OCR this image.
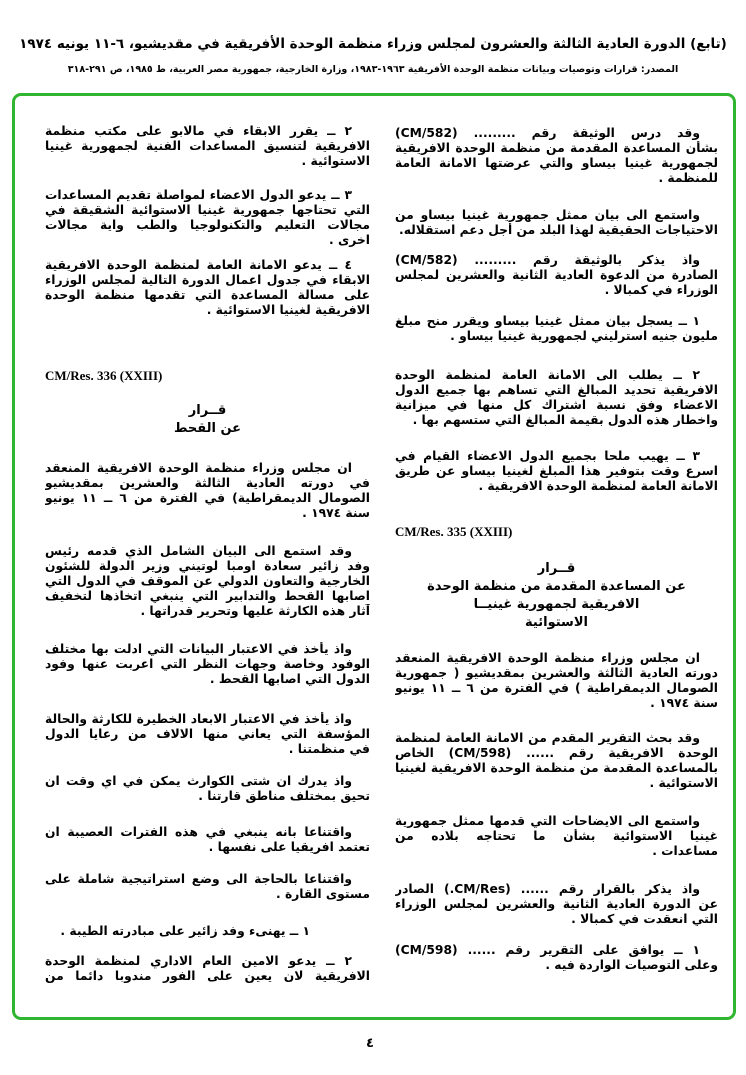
(تابع) الدورة العادية الثالثة والعشرون لمجلس وزراء منظمة الوحدة الأفريقية في مقديشيو، ٦-١١ يونيه ١٩٧٤
المصدر: قرارات وتوصيات وبيانات منظمة الوحدة الأفريقية ١٩٦٣-١٩٨٣، وزارة الخارجية، جمهورية مصر العربية، ط ١٩٨٥، ص ٢٩١-٣١٨
وقد درس الوثيقة رقم ......... (CM/582)
بشأن المساعدة المقدمة من منظمة الوحدة الافريقية
لجمهورية غينيا بيساو والتي عرضتها الامانة العامة
للمنظمة .
واستمع الى بيان ممثل جمهورية غينيا بيساو من
الاحتياجات الحقيقية لهذا البلد من أجل دعم استقلاله.
واذ يذكر بالوثيقة رقم ......... (CM/582)
الصادرة من الدعوة العادية الثانية والعشرين لمجلس
الوزراء في كمبالا .
١ ــ يسجل بيان ممثل غينيا بيساو ويقرر منح مبلغ
مليون جنيه استرليني لجمهورية غينيا بيساو .
٢ ــ يطلب الى الامانة العامة لمنظمة الوحدة
الافريقية تحديد المبالغ التي تساهم بها جميع الدول
الاعضاء وفق نسبة اشتراك كل منها في ميزانية
واخطار هذه الدول بقيمة المبالغ التي ستسهم بها .
٣ ــ يهيب ملحا بجميع الدول الاعضاء القيام في
اسرع وقت بتوفير هذا المبلغ لغينيا بيساو عن طريق
الامانة العامة لمنظمة الوحدة الافريقية .
CM/Res. 335 (XXIII)
قــرار
عن المساعدة المقدمة من منظمة الوحدة
الافريقية لجمهورية غينيــا
الاستوائية
ان مجلس وزراء منظمة الوحدة الافريقية المنعقد
دورته العادية الثالثة والعشرين بمقديشيو ( جمهورية
الصومال الديمقراطية ) في الفترة من ٦ ــ ١١ يونيو
سنة ١٩٧٤ .
وقد بحث التقرير المقدم من الامانة العامة لمنظمة
الوحدة الافريقية رقم ...... (CM/598) الخاص
بالمساعدة المقدمة من منظمة الوحدة الافريقية لغينيا
الاستوائية .
واستمع الى الايضاحات التي قدمها ممثل جمهورية
غينيا الاستوائية بشأن ما تحتاجه بلاده من
مساعدات .
واذ يذكر بالقرار رقم ...... (CM/Res.) الصادر
عن الدورة العادية الثانية والعشرين لمجلس الوزراء
التي انعقدت في كمبالا .
١ ــ يوافق على التقرير رقم ...... (CM/598)
وعلى التوصيات الواردة فيه .
٢ ــ يقرر الابقاء في مالابو على مكتب منظمة
الافريقية لتنسيق المساعدات الفنية لجمهورية غينيا
الاستوائية .
٣ ــ يدعو الدول الاعضاء لمواصلة تقديم المساعدات
التي تحتاجها جمهورية غينيا الاستوائية الشقيقة في
مجالات التعليم والتكنولوجيا والطب واية مجالات
اخرى .
٤ ــ يدعو الامانة العامة لمنظمة الوحدة الافريقية
الابقاء في جدول اعمال الدورة التالية لمجلس الوزراء
على مسالة المساعدة التي تقدمها منظمة الوحدة
الافريقية لغينيا الاستوائية .
CM/Res. 336 (XXIII)
قــرار
عن القحط
ان مجلس وزراء منظمة الوحدة الافريقية المنعقد
في دورته العادية الثالثة والعشرين بمقديشيو
الصومال الديمقراطية) في الفترة من ٦ ــ ١١ يونيو
سنة ١٩٧٤ .
وقد استمع الى البيان الشامل الذي قدمه رئيس
وفد زائير سعادة اومبا لوتيني وزير الدولة للشئون
الخارجية والتعاون الدولي عن الموقف في الدول التي
اصابها القحط والتدابير التي ينبغي اتخاذها لتخفيف
آثار هذه الكارثة عليها وتحرير قدراتها .
واذ يأخذ في الاعتبار البيانات التي ادلت بها مختلف
الوفود وخاصة وجهات النظر التي اعربت عنها وفود
الدول التي اصابها القحط .
واذ يأخذ في الاعتبار الابعاد الخطيرة للكارثة والحالة
المؤسفة التي يعاني منها الالاف من رعايا الدول
في منظمتنا .
واذ يدرك ان شتى الكوارث يمكن في اي وقت ان
تحيق بمختلف مناطق قارتنا .
واقتناعا بانه ينبغي في هذه الفترات العصيبة ان
تعتمد افريقيا على نفسها .
واقتناعا بالحاجة الى وضع استراتيجية شاملة على
مستوى القارة .
١ ــ يهنىء وفد زائير على مبادرته الطيبة .
٢ ــ يدعو الامين العام الاداري لمنظمة الوحدة
الافريقية لان يعين على الفور مندوبا دائما من
٤
